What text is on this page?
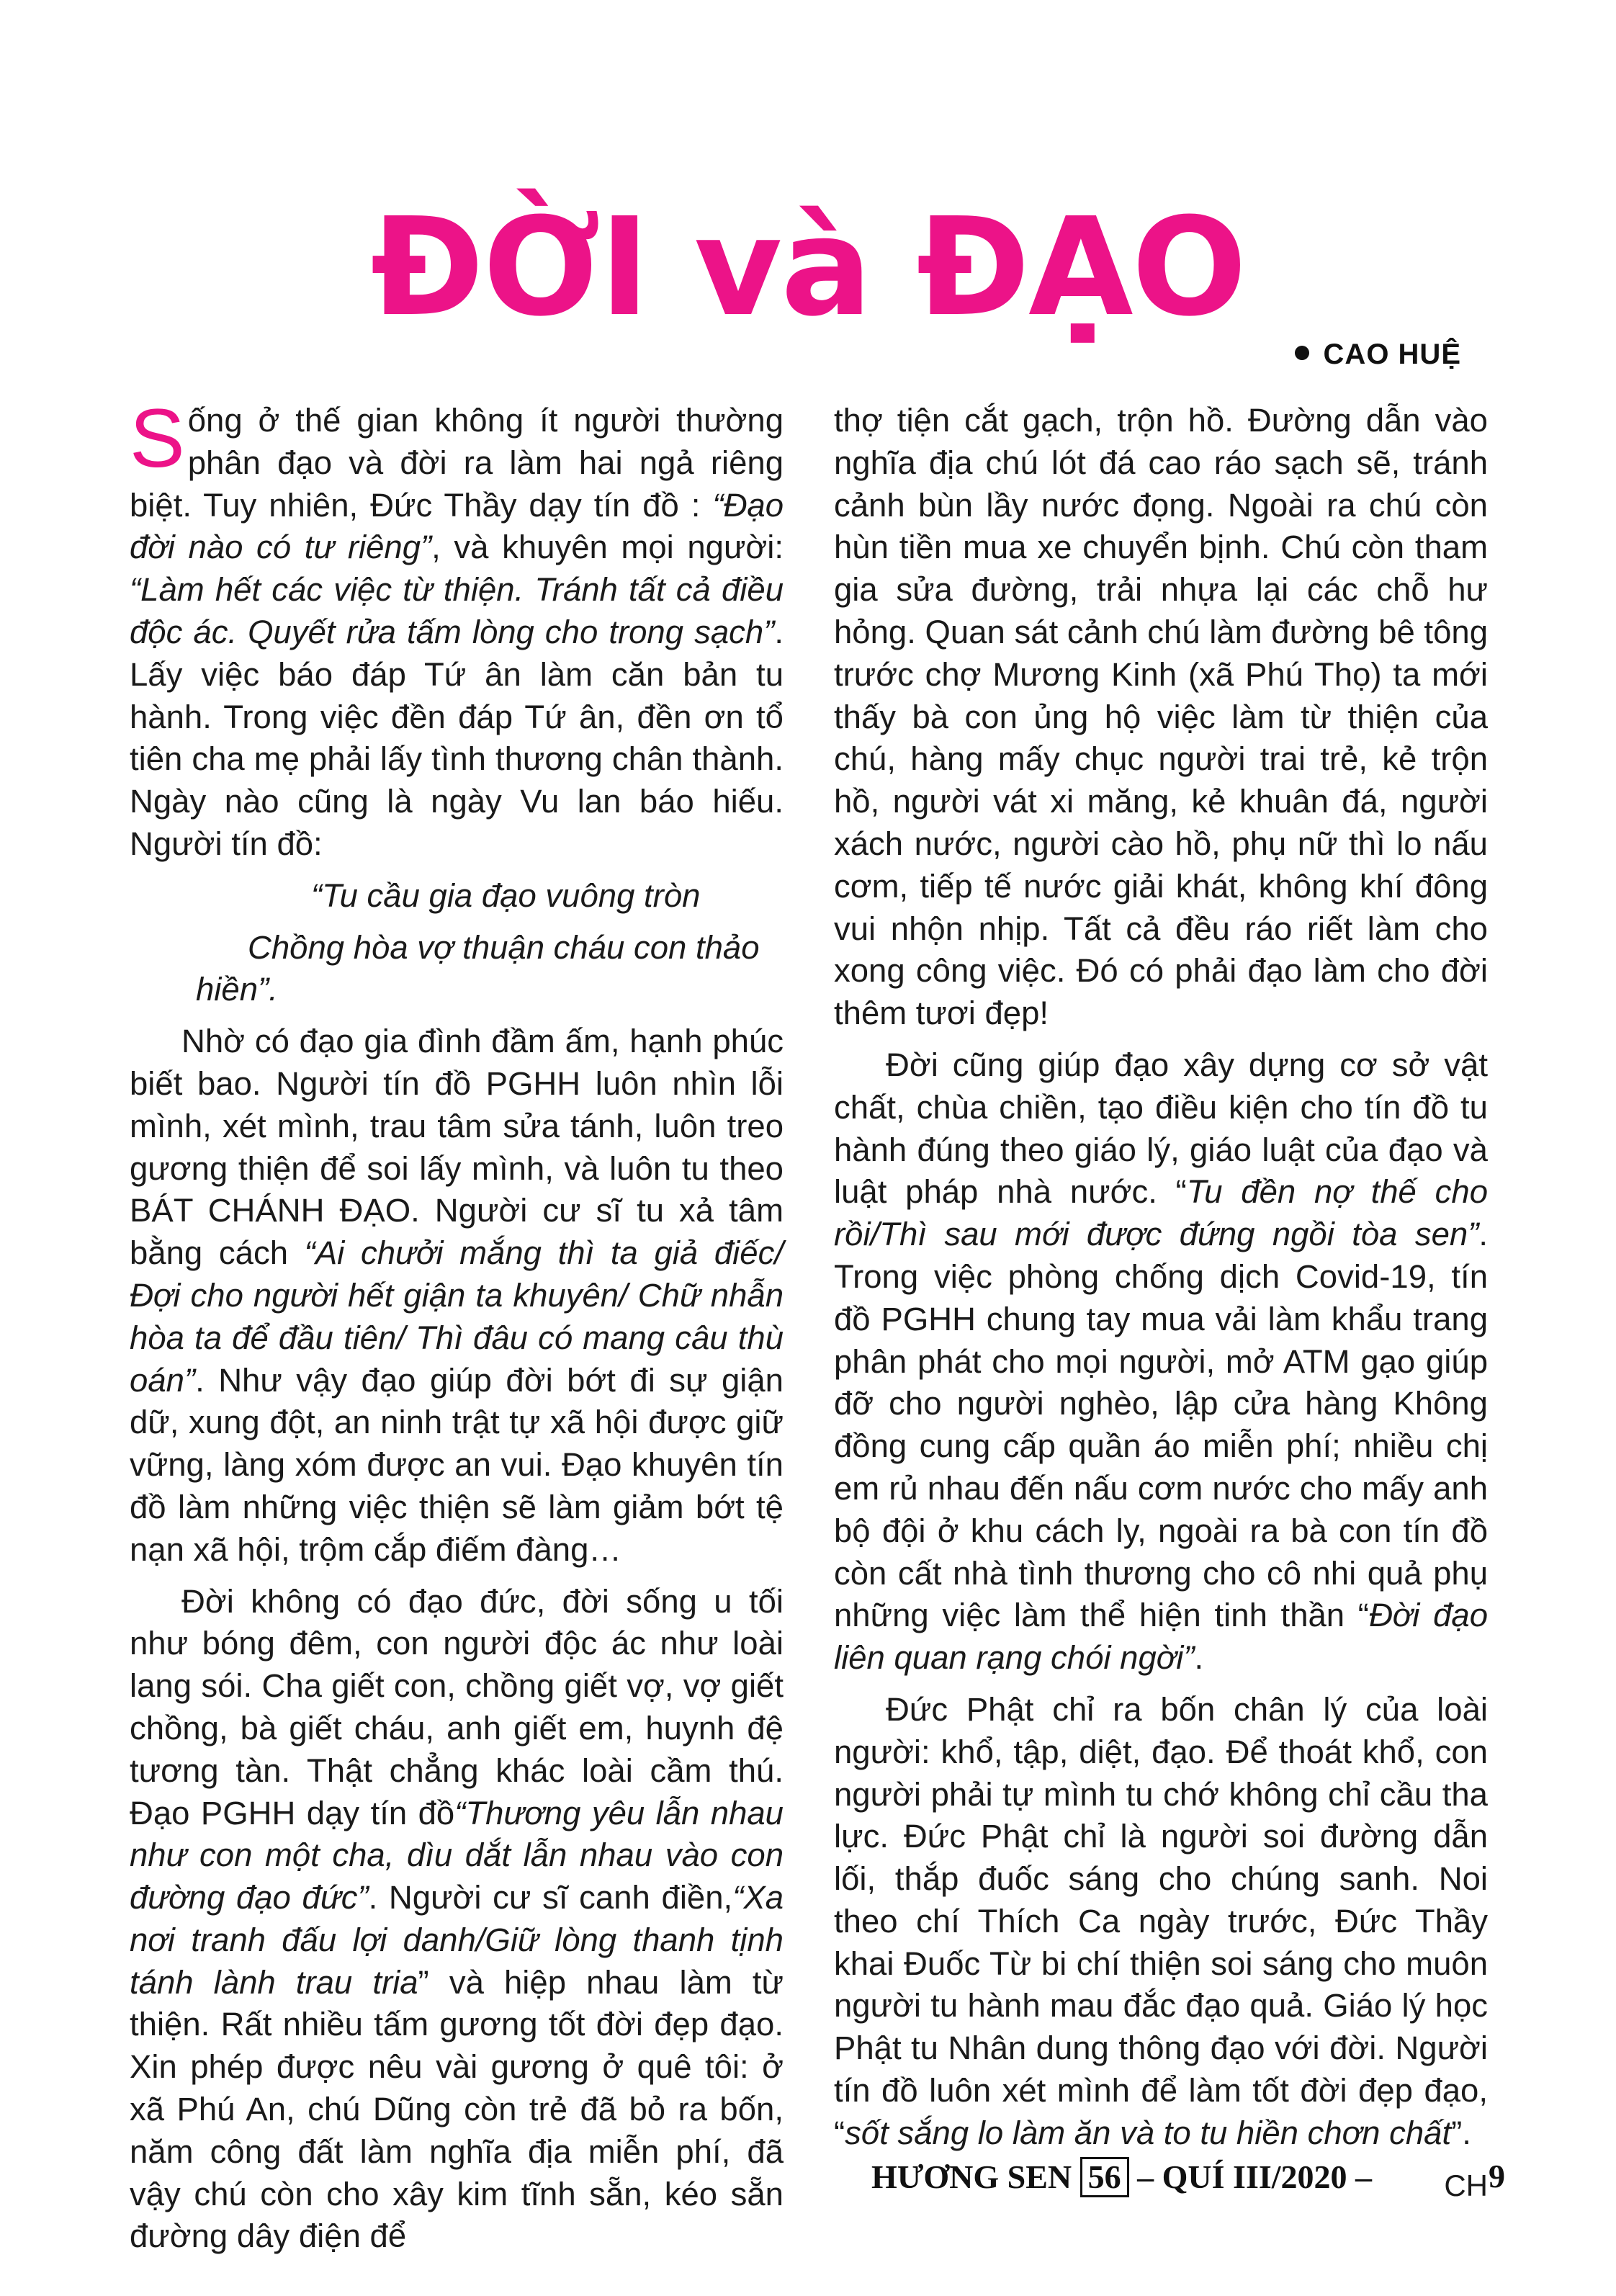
ĐỜI và ĐẠO
CAO HUỆ

Sống ở thế gian không ít người thường phân đạo và đời ra làm hai ngả riêng biệt. Tuy nhiên, Đức Thầy dạy tín đồ : “Đạo đời nào có tư riêng”, và khuyên mọi người: “Làm hết các việc từ thiện. Tránh tất cả điều độc ác. Quyết rửa tấm lòng cho trong sạch”. Lấy việc báo đáp Tứ ân làm căn bản tu hành. Trong việc đền đáp Tứ ân, đền ơn tổ tiên cha mẹ phải lấy tình thương chân thành. Ngày nào cũng là ngày Vu lan báo hiếu. Người tín đồ:

“Tu cầu gia đạo vuông tròn

Chồng hòa vợ thuận cháu con thảo hiền”.

Nhờ có đạo gia đình đầm ấm, hạnh phúc biết bao. Người tín đồ PGHH luôn nhìn lỗi mình, xét mình, trau tâm sửa tánh, luôn treo gương thiện để soi lấy mình, và luôn tu theo BÁT CHÁNH ĐẠO. Người cư sĩ tu xả tâm bằng cách “Ai chưởi mắng thì ta giả điếc/ Đợi cho người hết giận ta khuyên/ Chữ nhẫn hòa ta để đầu tiên/ Thì đâu có mang câu thù oán”. Như vậy đạo giúp đời bớt đi sự giận dữ, xung đột, an ninh trật tự xã hội được giữ vững, làng xóm được an vui. Đạo khuyên tín đồ làm những việc thiện sẽ làm giảm bớt tệ nạn xã hội, trộm cắp điếm đàng…

Đời không có đạo đức, đời sống u tối như bóng đêm, con người độc ác như loài lang sói. Cha giết con, chồng giết vợ, vợ giết chồng, bà giết cháu, anh giết em, huynh đệ tương tàn. Thật chẳng khác loài cầm thú. Đạo PGHH dạy tín đồ“Thương yêu lẫn nhau như con một cha, dìu dắt lẫn nhau vào con đường đạo đức”. Người cư sĩ canh điền,“Xa nơi tranh đấu lợi danh/Giữ lòng thanh tịnh tánh lành trau tria” và hiệp nhau làm từ thiện. Rất nhiều tấm gương tốt đời đẹp đạo. Xin phép được nêu vài gương ở quê tôi: ở xã Phú An, chú Dũng còn trẻ đã bỏ ra bốn, năm công đất làm nghĩa địa miễn phí, đã vậy chú còn cho xây kim tĩnh sẵn, kéo sẵn đường dây điện để

thợ tiện cắt gạch, trộn hồ. Đường dẫn vào nghĩa địa chú lót đá cao ráo sạch sẽ, tránh cảnh bùn lầy nước đọng. Ngoài ra chú còn hùn tiền mua xe chuyển bịnh. Chú còn tham gia sửa đường, trải nhựa lại các chỗ hư hỏng. Quan sát cảnh chú làm đường bê tông trước chợ Mương Kinh (xã Phú Thọ) ta mới thấy bà con ủng hộ việc làm từ thiện của chú, hàng mấy chục người trai trẻ, kẻ trộn hồ, người vát xi măng, kẻ khuân đá, người xách nước, người cào hồ, phụ nữ thì lo nấu cơm, tiếp tế nước giải khát, không khí đông vui nhộn nhịp. Tất cả đều ráo riết làm cho xong công việc. Đó có phải đạo làm cho đời thêm tươi đẹp!

Đời cũng giúp đạo xây dựng cơ sở vật chất, chùa chiền, tạo điều kiện cho tín đồ tu hành đúng theo giáo lý, giáo luật của đạo và luật pháp nhà nước. “Tu đền nợ thế cho rồi/Thì sau mới được đứng ngồi tòa sen”. Trong việc phòng chống dịch Covid-19, tín đồ PGHH chung tay mua vải làm khẩu trang phân phát cho mọi người, mở ATM gạo giúp đỡ cho người nghèo, lập cửa hàng Không đồng cung cấp quần áo miễn phí; nhiều chị em rủ nhau đến nấu cơm nước cho mấy anh bộ đội ở khu cách ly, ngoài ra bà con tín đồ còn cất nhà tình thương cho cô nhi quả phụ những việc làm thể hiện tinh thần “Đời đạo liên quan rạng chói ngời”.

Đức Phật chỉ ra bốn chân lý của loài người: khổ, tập, diệt, đạo. Để thoát khổ, con người phải tự mình tu chớ không chỉ cầu tha lực. Đức Phật chỉ là người soi đường dẫn lối, thắp đuốc sáng cho chúng sanh. Noi theo chí Thích Ca ngày trước, Đức Thầy khai Đuốc Từ bi chí thiện soi sáng cho muôn người tu hành mau đắc đạo quả. Giáo lý học Phật tu Nhân dung thông đạo với đời. Người tín đồ luôn xét mình để làm tốt đời đẹp đạo, “sốt sắng lo làm ăn và to tu hiền chơn chất”.

CH
HƯƠNG SEN 56 – QUÍ III/2020 –	9
